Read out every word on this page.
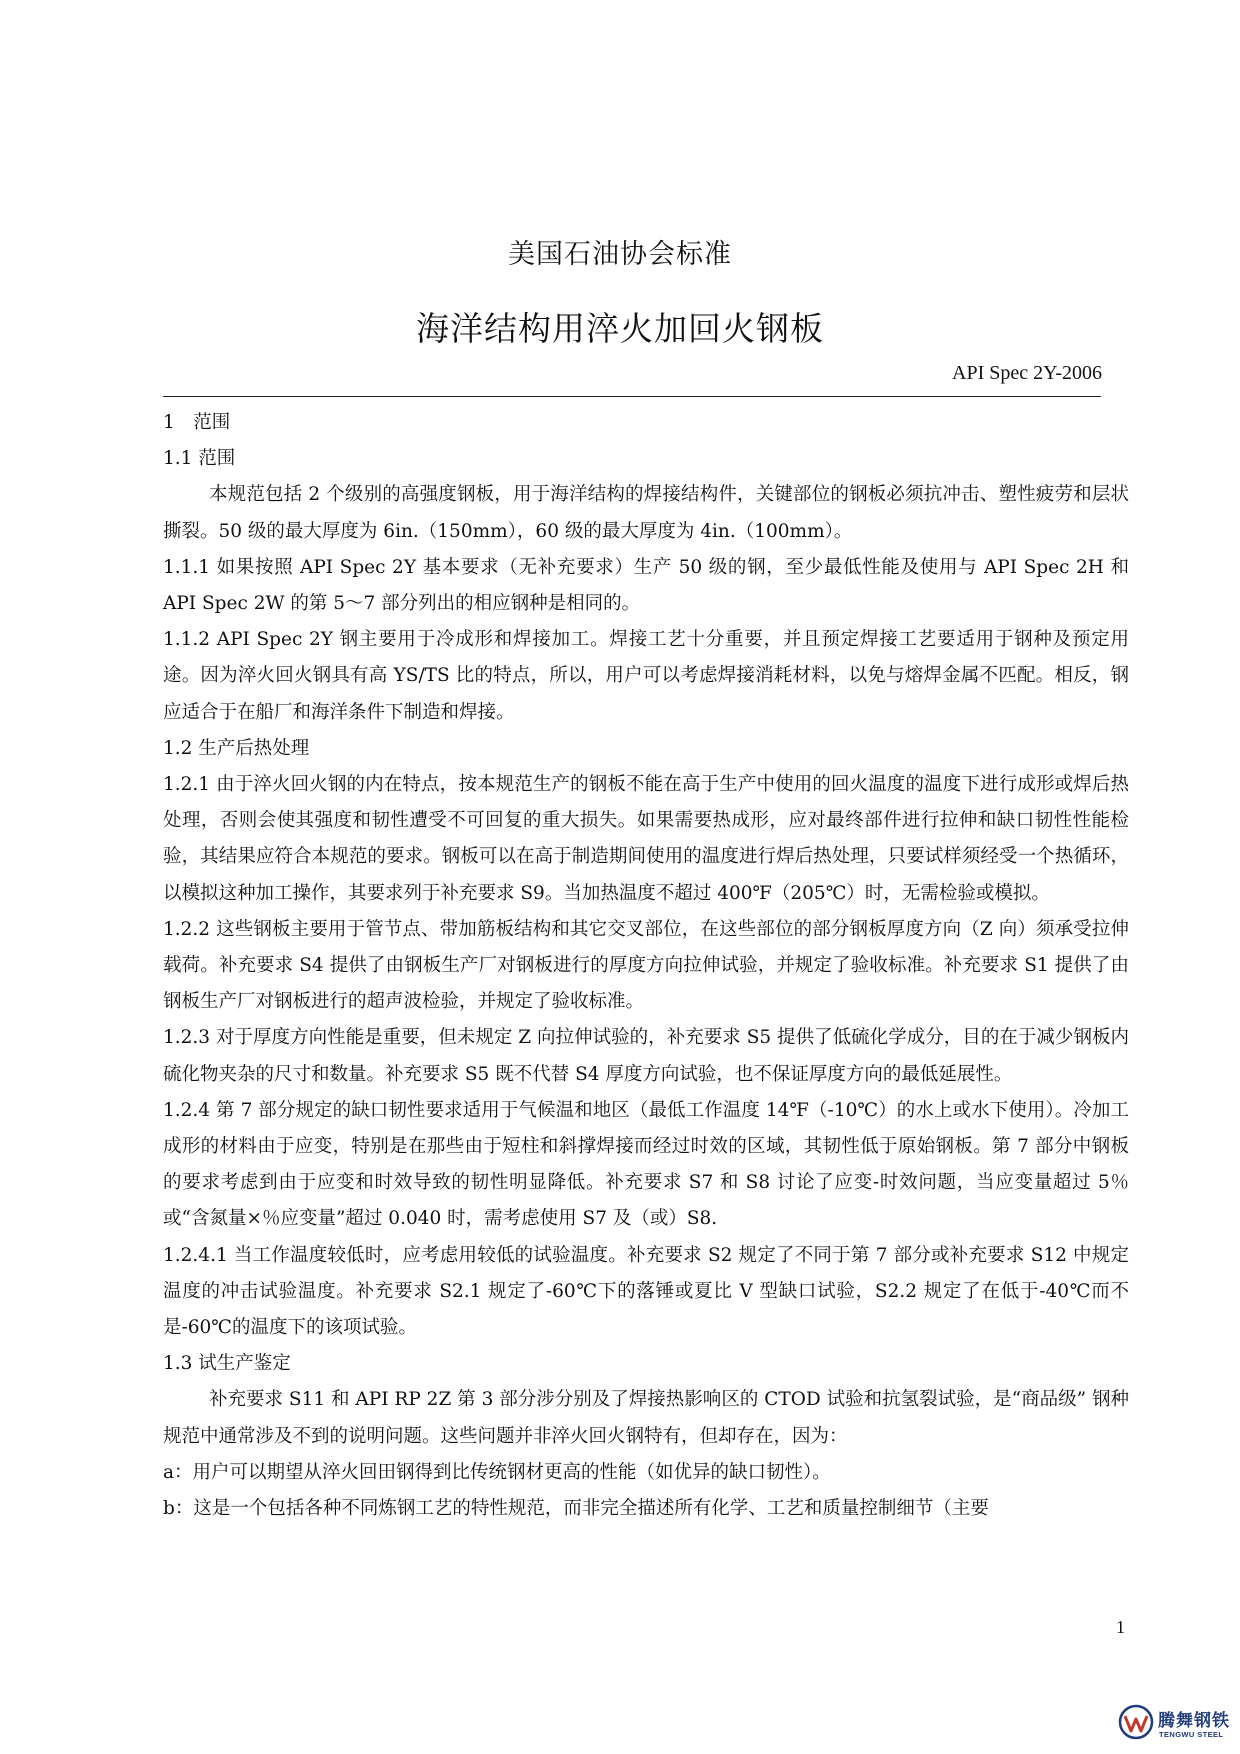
美国石油协会标准
海洋结构用淬火加回火钢板
API Spec 2Y-2006

1　范围

1.1 范围

本规范包括 2 个级别的高强度钢板，用于海洋结构的焊接结构件，关键部位的钢板必须抗冲击、塑性疲劳和层状撕裂。50 级的最大厚度为 6in.（150mm），60 级的最大厚度为 4in.（100mm）。

1.1.1 如果按照 API Spec 2Y 基本要求（无补充要求）生产 50 级的钢，至少最低性能及使用与 API Spec 2H 和 API Spec 2W 的第 5～7 部分列出的相应钢种是相同的。

1.1.2 API Spec 2Y 钢主要用于冷成形和焊接加工。焊接工艺十分重要，并且预定焊接工艺要适用于钢种及预定用途。因为淬火回火钢具有高 YS/TS 比的特点，所以，用户可以考虑焊接消耗材料，以免与熔焊金属不匹配。相反，钢应适合于在船厂和海洋条件下制造和焊接。

1.2 生产后热处理

1.2.1 由于淬火回火钢的内在特点，按本规范生产的钢板不能在高于生产中使用的回火温度的温度下进行成形或焊后热处理，否则会使其强度和韧性遭受不可回复的重大损失。如果需要热成形，应对最终部件进行拉伸和缺口韧性性能检验，其结果应符合本规范的要求。钢板可以在高于制造期间使用的温度进行焊后热处理，只要试样须经受一个热循环，以模拟这种加工操作，其要求列于补充要求 S9。当加热温度不超过 400℉（205℃）时，无需检验或模拟。

1.2.2 这些钢板主要用于管节点、带加筋板结构和其它交叉部位，在这些部位的部分钢板厚度方向（Z 向）须承受拉伸载荷。补充要求 S4 提供了由钢板生产厂对钢板进行的厚度方向拉伸试验，并规定了验收标准。补充要求 S1 提供了由钢板生产厂对钢板进行的超声波检验，并规定了验收标准。

1.2.3 对于厚度方向性能是重要，但未规定 Z 向拉伸试验的，补充要求 S5 提供了低硫化学成分，目的在于减少钢板内硫化物夹杂的尺寸和数量。补充要求 S5 既不代替 S4 厚度方向试验，也不保证厚度方向的最低延展性。

1.2.4 第 7 部分规定的缺口韧性要求适用于气候温和地区（最低工作温度 14℉（-10℃）的水上或水下使用）。冷加工成形的材料由于应变，特别是在那些由于短柱和斜撑焊接而经过时效的区域，其韧性低于原始钢板。第 7 部分中钢板的要求考虑到由于应变和时效导致的韧性明显降低。补充要求 S7 和 S8 讨论了应变-时效问题，当应变量超过 5％或“含氮量×％应变量”超过 0.040 时，需考虑使用 S7 及（或）S8.

1.2.4.1 当工作温度较低时，应考虑用较低的试验温度。补充要求 S2 规定了不同于第 7 部分或补充要求 S12 中规定温度的冲击试验温度。补充要求 S2.1 规定了-60℃下的落锤或夏比 V 型缺口试验，S2.2 规定了在低于-40℃而不是-60℃的温度下的该项试验。

1.3 试生产鉴定

补充要求 S11 和 API RP 2Z 第 3 部分涉分别及了焊接热影响区的 CTOD 试验和抗氢裂试验，是“商品级” 钢种规范中通常涉及不到的说明问题。这些问题并非淬火回火钢特有，但却存在，因为：

a：用户可以期望从淬火回田钢得到比传统钢材更高的性能（如优异的缺口韧性）。

b：这是一个包括各种不同炼钢工艺的特性规范，而非完全描述所有化学、工艺和质量控制细节（主要

1
腾舞钢铁
TENGWU STEEL
